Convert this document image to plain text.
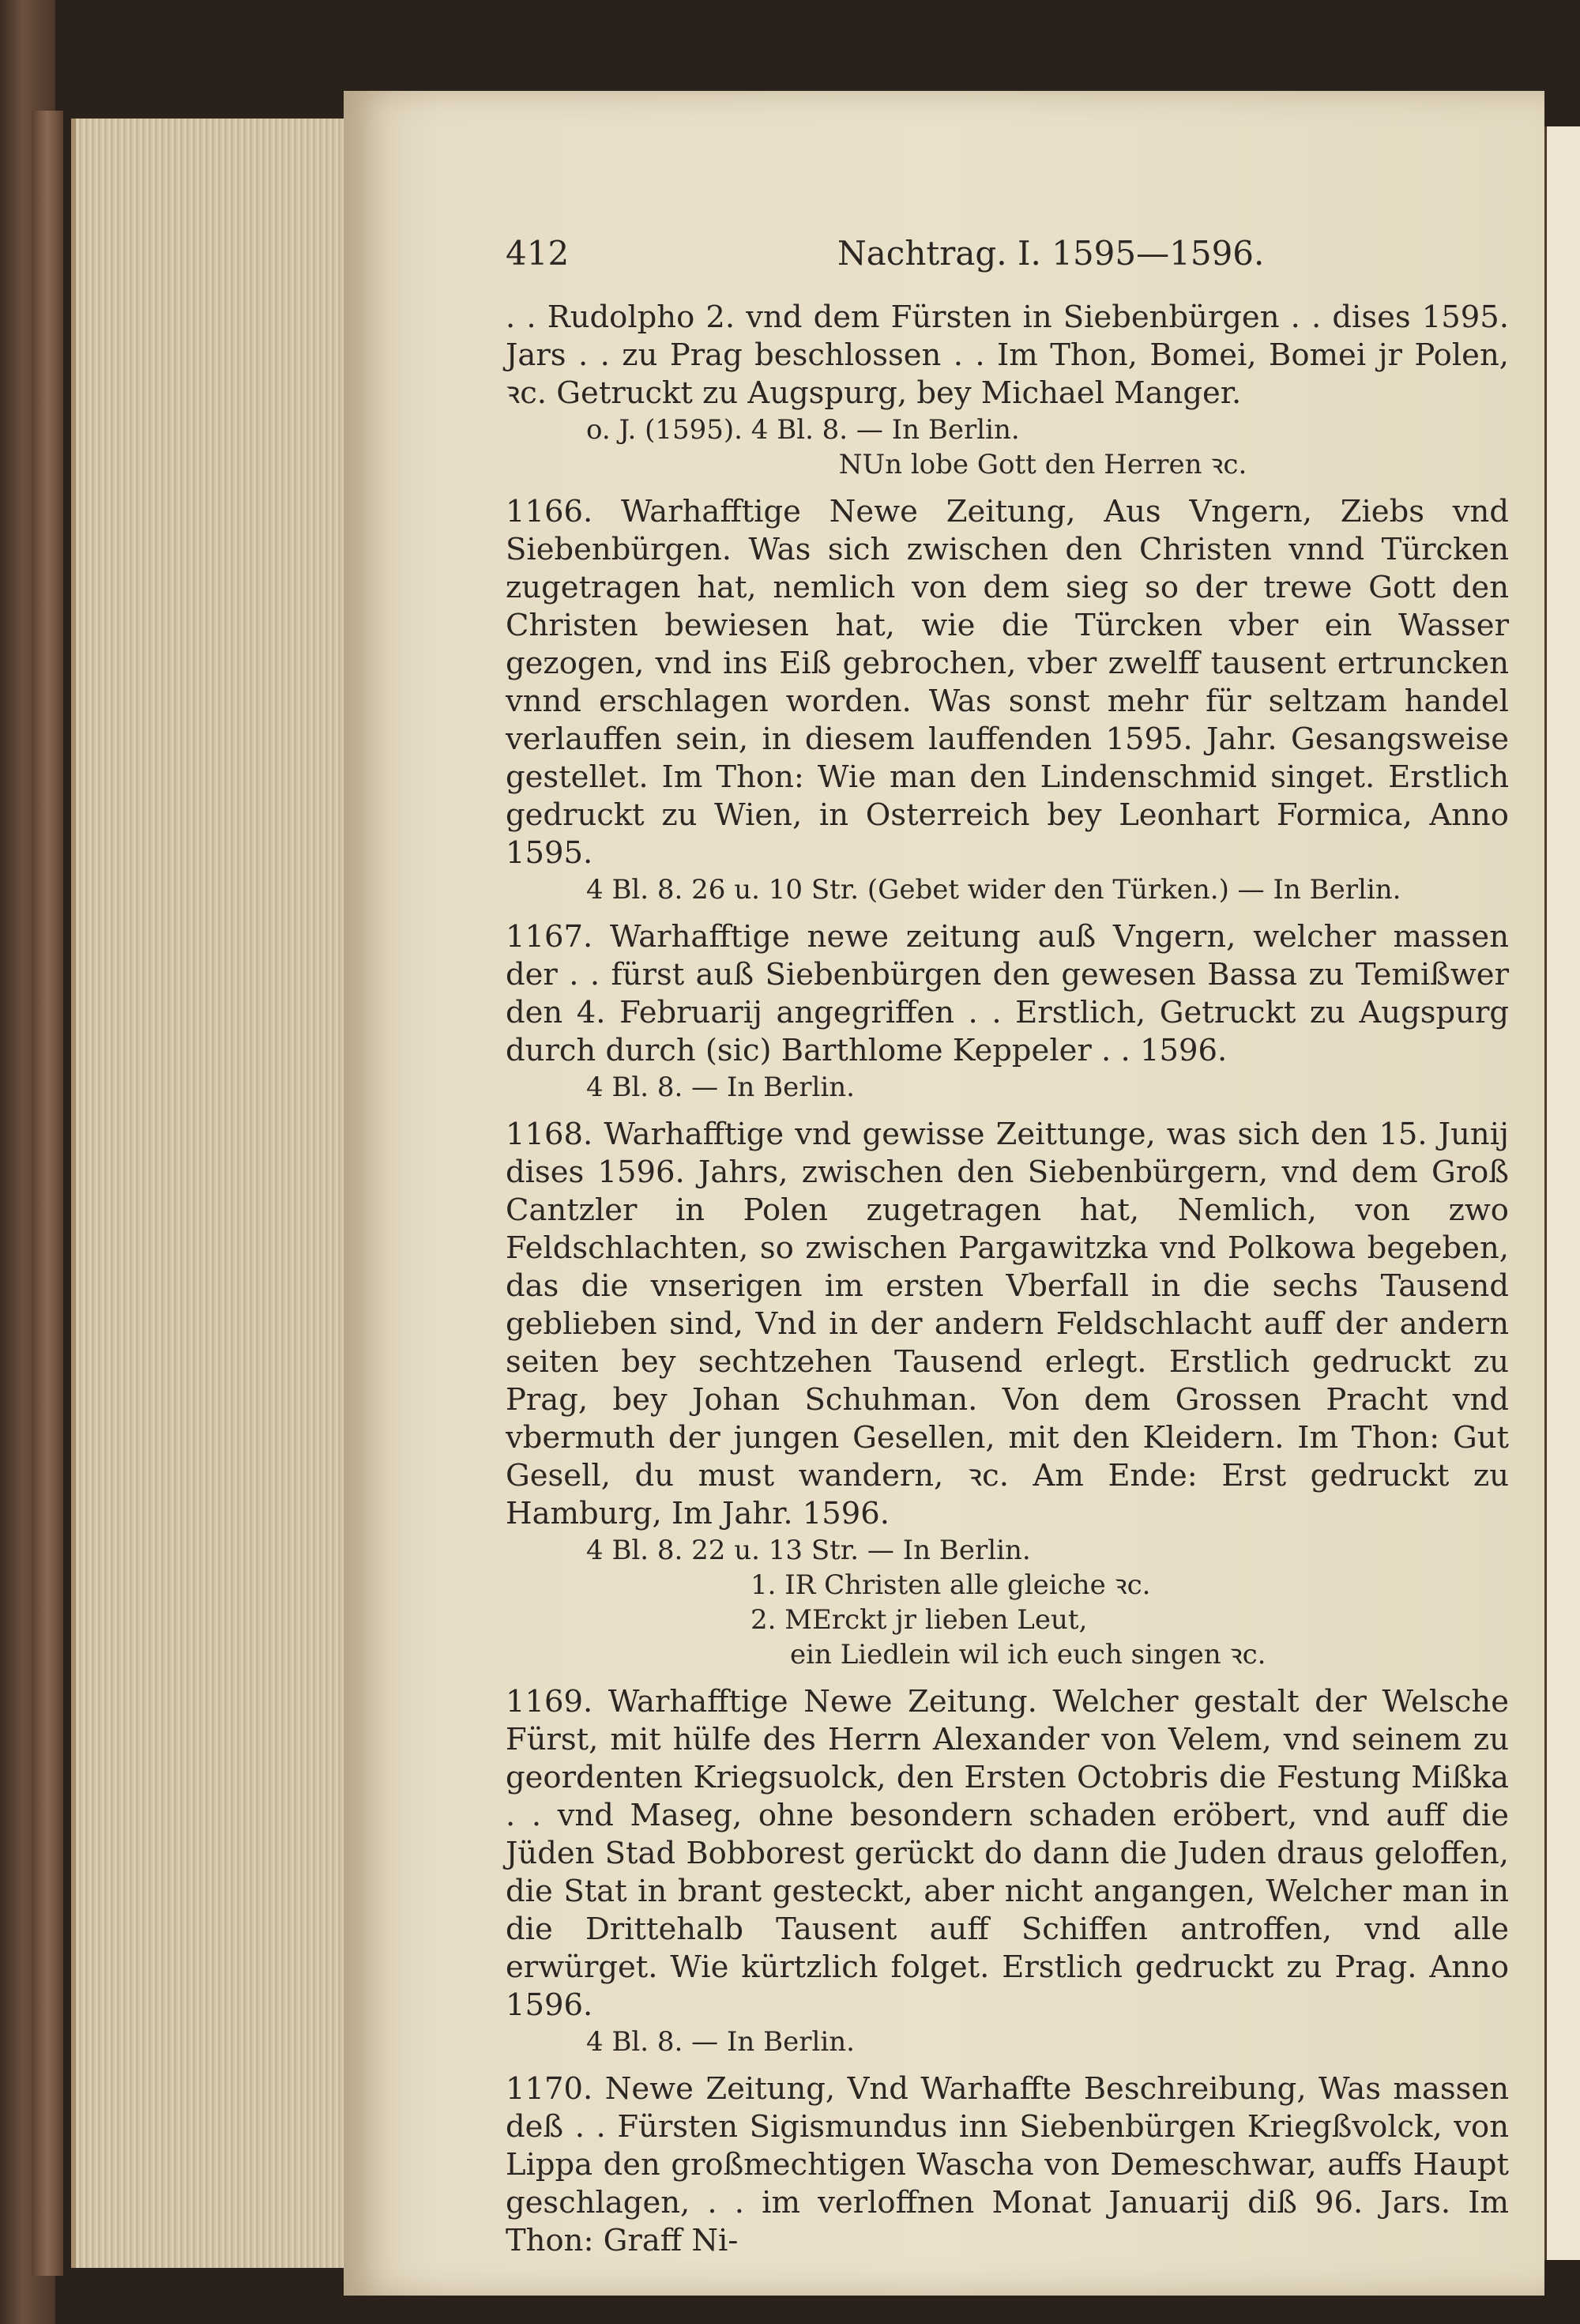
412	Nachtrag. I. 1595—1596.

. . Rudolpho 2. vnd dem Fürsten in Siebenbürgen . . dises 1595. Jars . . zu Prag beschlossen . . Im Thon, Bomei, Bomei jr Polen, ꝛc. Getruckt zu Augspurg, bey Michael Manger.

o. J. (1595). 4 Bl. 8. — In Berlin.

NUn lobe Gott den Herren ꝛc.

1166. Warhafftige Newe Zeitung, Aus Vngern, Ziebs vnd Siebenbürgen. Was sich zwischen den Christen vnnd Türcken zugetragen hat, nemlich von dem sieg so der trewe Gott den Christen bewiesen hat, wie die Türcken vber ein Wasser gezogen, vnd ins Eiß gebrochen, vber zwelff tausent ertruncken vnnd erschlagen worden. Was sonst mehr für seltzam handel verlauffen sein, in diesem lauffenden 1595. Jahr. Gesangsweise gestellet. Im Thon: Wie man den Lindenschmid singet. Erstlich gedruckt zu Wien, in Osterreich bey Leonhart Formica, Anno 1595.

4 Bl. 8. 26 u. 10 Str. (Gebet wider den Türken.) — In Berlin.

1167. Warhafftige newe zeitung auß Vngern, welcher massen der . . fürst auß Siebenbürgen den gewesen Bassa zu Temißwer den 4. Februarij angegriffen . . Erstlich, Getruckt zu Augspurg durch durch (sic) Barthlome Keppeler . . 1596.

4 Bl. 8. — In Berlin.

1168. Warhafftige vnd gewisse Zeittunge, was sich den 15. Junij dises 1596. Jahrs, zwischen den Siebenbürgern, vnd dem Groß Cantzler in Polen zugetragen hat, Nemlich, von zwo Feldschlachten, so zwischen Pargawitzka vnd Polkowa begeben, das die vnserigen im ersten Vberfall in die sechs Tausend geblieben sind, Vnd in der andern Feldschlacht auff der andern seiten bey sechtzehen Tausend erlegt. Erstlich gedruckt zu Prag, bey Johan Schuhman. Von dem Grossen Pracht vnd vbermuth der jungen Gesellen, mit den Kleidern. Im Thon: Gut Gesell, du must wandern, ꝛc. Am Ende: Erst gedruckt zu Hamburg, Im Jahr. 1596.

4 Bl. 8. 22 u. 13 Str. — In Berlin.

1. IR Christen alle gleiche ꝛc.

2. MErckt jr lieben Leut,

ein Liedlein wil ich euch singen ꝛc.

1169. Warhafftige Newe Zeitung. Welcher gestalt der Welsche Fürst, mit hülfe des Herrn Alexander von Velem, vnd seinem zu geordenten Kriegsuolck, den Ersten Octobris die Festung Mißka . . vnd Maseg, ohne besondern schaden eröbert, vnd auff die Jüden Stad Bobborest gerückt do dann die Juden draus geloffen, die Stat in brant gesteckt, aber nicht angangen, Welcher man in die Drittehalb Tausent auff Schiffen antroffen, vnd alle erwürget. Wie kürtzlich folget. Erstlich gedruckt zu Prag. Anno 1596.

4 Bl. 8. — In Berlin.

1170. Newe Zeitung, Vnd Warhaffte Beschreibung, Was massen deß . . Fürsten Sigismundus inn Siebenbürgen Kriegßvolck, von Lippa den großmechtigen Wascha von Demeschwar, auffs Haupt geschlagen, . . im verloffnen Monat Januarij diß 96. Jars. Im Thon: Graff Ni-
